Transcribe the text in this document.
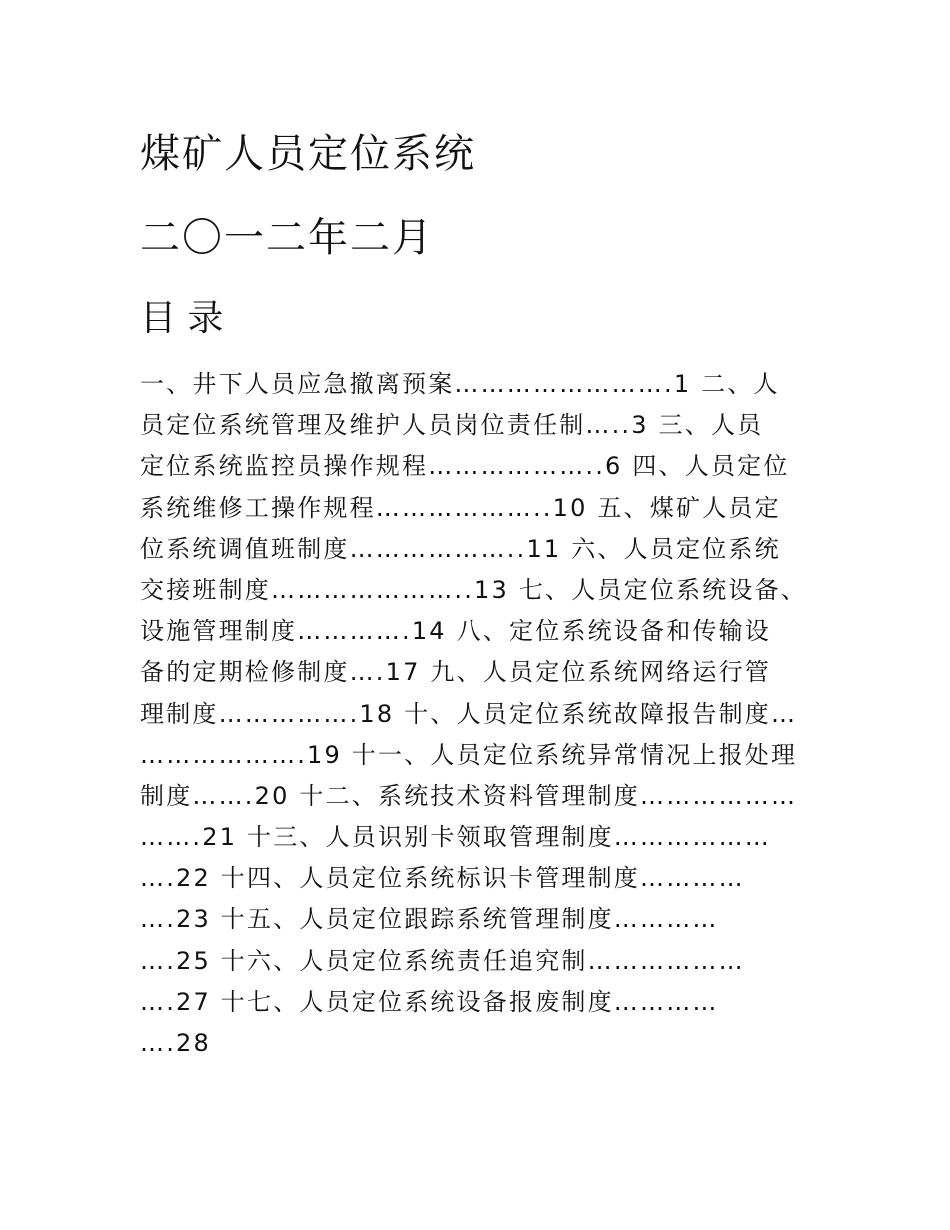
煤矿人员定位系统
二〇一二年二月
目 录
一、井下人员应急撤离预案…………………….1 二、人
员定位系统管理及维护人员岗位责任制…..3 三、人员
定位系统监控员操作规程………………..6 四、人员定位
系统维修工操作规程………………..10 五、煤矿人员定
位系统调值班制度………………..11 六、人员定位系统
交接班制度…………………..13 七、人员定位系统设备、
设施管理制度………….14 八、定位系统设备和传输设
备的定期检修制度….17 九、人员定位系统网络运行管
理制度…………….18 十、人员定位系统故障报告制度…
……………….19 十一、人员定位系统异常情况上报处理
制度…….20 十二、系统技术资料管理制度………………
…….21 十三、人员识别卡领取管理制度………………
….22 十四、人员定位系统标识卡管理制度…………
….23 十五、人员定位跟踪系统管理制度…………
….25 十六、人员定位系统责任追究制………………
….27 十七、人员定位系统设备报废制度…………
….28
